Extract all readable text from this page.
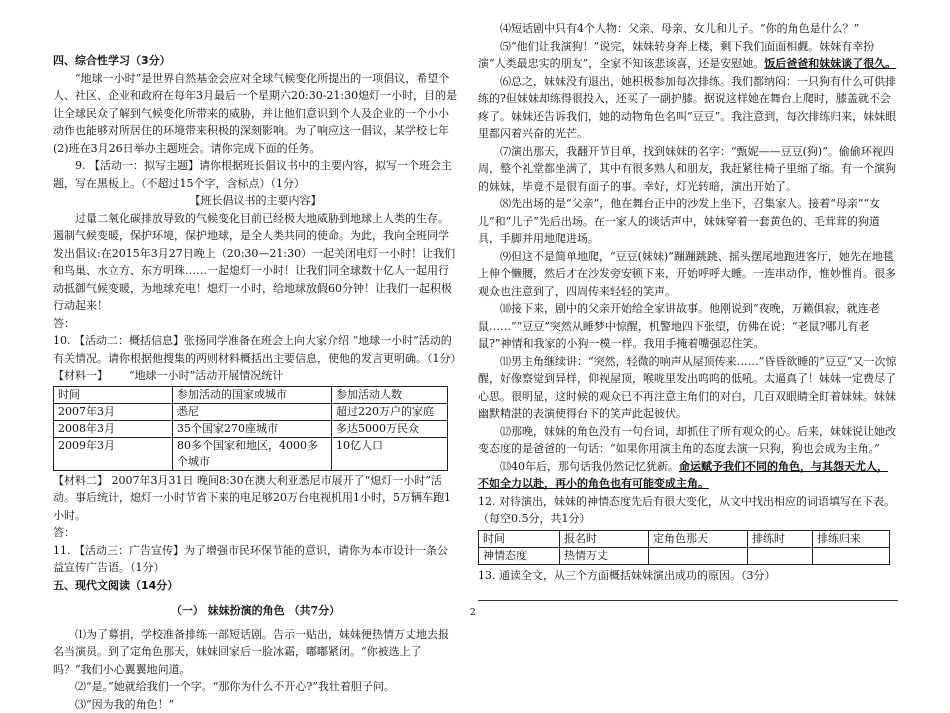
四、综合性学习（3分）

“地球一小时”是世界自然基金会应对全球气候变化所提出的一项倡议，希望个人、社区、企业和政府在每年3月最后一个星期六20:30-21:30熄灯一小时，目的是让全球民众了解到气候变化所带来的威胁，并让他们意识到个人及企业的一个小小动作也能够对所居住的环境带来积极的深刻影响。为了响应这一倡议，某学校七年(2)班在3月26日举办主题班会。请你完成下面的任务。

9. 【活动一：拟写主题】请你根据班长倡议书中的主要内容，拟写一个班会主题，写在黑板上。（不超过15个字，含标点）（1分）

【班长倡议书的主要内容】

过量二氧化碳排放导致的气候变化目前已经极大地威胁到地球上人类的生存。遏制气候变暖，保护环境，保护地球，是全人类共同的使命。为此，我向全班同学发出倡议:在2015年3月27日晚上（20:30—21:30）一起关闭电灯一小时！让我们和鸟巢、水立方、东方明珠……一起熄灯一小时！让我们同全球数十亿人一起用行动抵御气候变暖，为地球充电！熄灯一小时，给地球放假60分钟！让我们一起积极行动起来！

答：

10. 【活动二：概括信息】张扬同学准备在班会上向大家介绍 “地球一小时”活动的有关情况。请你根据他搜集的两则材料概括出主要信息，使他的发言更明确。（1分）

【材料一】 “地球一小时”活动开展情况统计

时间	参加活动的国家或城市	参加活动人数
2007年3月	悉尼	超过220万户的家庭
2008年3月	35个国家270座城市	多达5000万民众
2009年3月	80多个国家和地区，4000多个城市	10亿人口

【材料二】 2007年3月31日 晚间8:30在澳大利亚悉尼市展开了“熄灯一小时”活动。事后统计，熄灯一小时节省下来的电足够20万台电视机用1小时，5万辆车跑1小时。

答：

11. 【活动三：广告宣传】为了增强市民环保节能的意识，请你为本市设计一条公益宣传广告语。（1分）

五、现代文阅读（14分）

（一） 妹妹扮演的角色 （共7分）

⑴为了募捐，学校准备排练一部短话剧。告示一贴出，妹妹便热情万丈地去报名当演员。到了定角色那天，妹妹回家后一脸冰霜，嘟嘟紧闭。“你被选上了吗？”我们小心翼翼地问道。

⑵“是。”她就给我们一个字。“那你为什么不开心?”我壮着胆子问。

⑶“因为我的角色！”

⑷短话剧中只有4个人物：父亲、母亲、女儿和儿子。“你的角色是什么？”

⑸“他们让我演狗！”说完，妹妹转身奔上楼，剩下我们面面相觑。妹妹有幸扮演“人类最忠实的朋友”，全家不知该悲该喜，还是安慰她。饭后爸爸和妹妹谈了很久。

⑹总之，妹妹没有退出，她积极参加每次排练。我们都纳闷：一只狗有什么可供排练的?但妹妹却练得很投入，还买了一副护膝。据说这样她在舞台上爬时，膝盖就不会疼了。妹妹还告诉我们，她的动物角色名叫“豆豆”。我注意到，每次排练归来，妹妹眼里都闪着兴奋的光芒。

⑺演出那天，我翻开节目单，找到妹妹的名字：“甄妮——豆豆(狗)”。偷偷环视四周，整个礼堂都坐满了，其中有很多熟人和朋友，我赶紧往椅子里缩了缩。有一个演狗的妹妹，毕竟不是很有面子的事。幸好，灯光转暗，演出开始了。

⑻先出场的是“父亲”，他在舞台正中的沙发上坐下，召集家人。接着“母亲”“女儿”和“儿子”先后出场。在一家人的谈话声中，妹妹穿着一套黄色的、毛茸茸的狗道具，手脚并用地爬进场。

⑼但这不是简单地爬，“豆豆(妹妹)”蹦蹦跳跳、摇头摆尾地跑进客厅，她先在地毯上伸个懒腰，然后才在沙发旁安顿下来，开始呼呼大睡。一连串动作，惟妙惟肖。很多观众也注意到了，四周传来轻轻的笑声。

⑽接下来，剧中的父亲开始给全家讲故事。他刚说到“夜晚，万籁俱寂，就连老鼠……”“豆豆”突然从睡梦中惊醒，机警地四下张望，仿佛在说：“老鼠?哪儿有老鼠?”神情和我家的小狗一模一样。我用手掩着嘴强忍住笑。

⑾男主角继续讲：“突然，轻微的响声从屋顶传来……”昏昏欲睡的“豆豆”又一次惊醒，好像察觉到异样，仰视屋顶，喉咙里发出呜呜的低吼。太逼真了！妹妹一定费尽了心思。很明显，这时候的观众已不再注意主角们的对白，几百双眼睛全盯着妹妹。妹妹幽默精湛的表演使得台下的笑声此起彼伏。

⑿那晚，妹妹的角色没有一句台词，却抓住了所有观众的心。后来，妹妹说让她改变态度的是爸爸的一句话：“如果你用演主角的态度去演一只狗，狗也会成为主角。”

⒀40年后，那句话我仍然记忆犹新。命运赋予我们不同的角色，与其怨天尤人，不如全力以赴，再小的角色也有可能变成主角。

12. 对待演出，妹妹的神情态度先后有很大变化，从文中找出相应的词语填写在下表。（每空0.5分，共1分）

时间	报名时	定角色那天	排练时	排练归来
神情态度	热情万丈			

13. 通读全文，从三个方面概括妹妹演出成功的原因。（3分）

2
